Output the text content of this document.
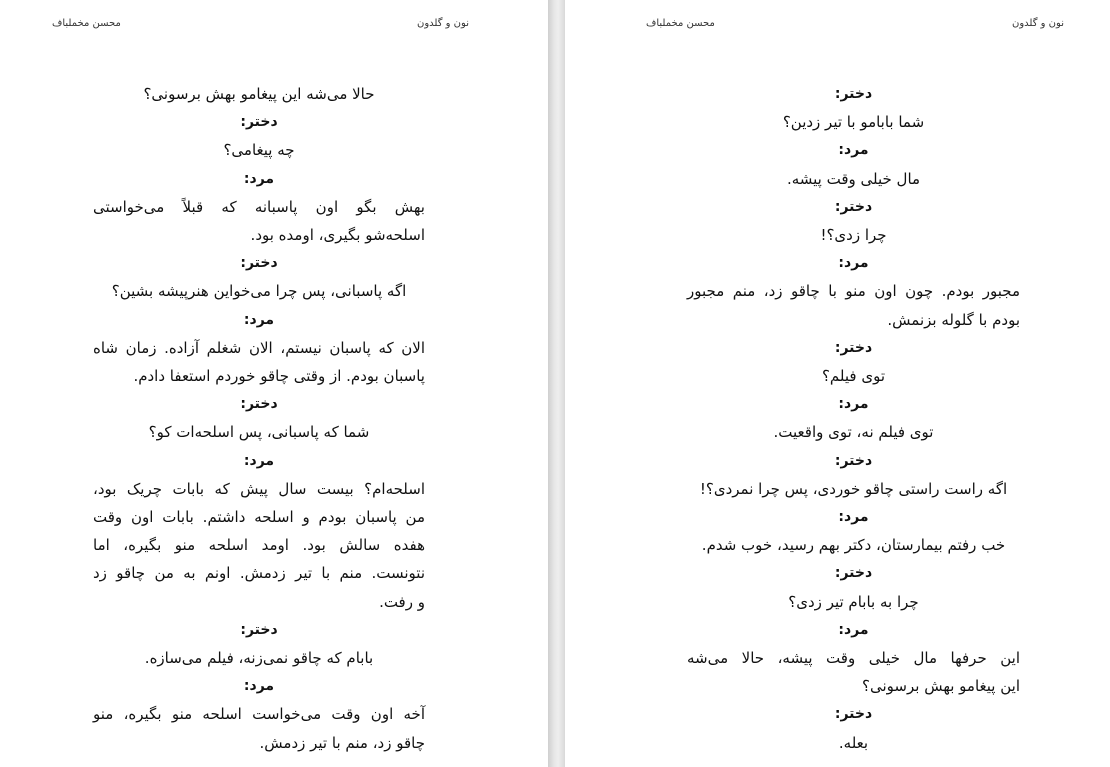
نون و گلدون
محسن مخملباف
حالا می‌شه این پیغامو بهش برسونی؟
دختر:
چه پیغامی؟
مرد:
بهش بگو اون پاسبانه که قبلاً می‌خواستی
اسلحه‌شو بگیری، اومده بود.
دختر:
اگه پاسبانی، پس چرا می‌خواین هنرپیشه بشین؟
مرد:
الان که پاسبان نیستم، الان شغلم آزاده. زمان شاه
پاسبان بودم. از وقتی چاقو خوردم استعفا دادم.
دختر:
شما که پاسبانی، پس اسلحه‌ات کو؟
مرد:
اسلحه‌ام؟ بیست سال پیش که بابات چریک بود،
من پاسبان بودم و اسلحه داشتم. بابات اون وقت
هفده سالش بود. اومد اسلحه منو بگیره، اما
نتونست. منم با تیر زدمش. اونم به من چاقو زد
و رفت.
دختر:
بابام که چاقو نمی‌زنه، فیلم می‌سازه.
مرد:
آخه اون وقت می‌خواست اسلحه منو بگیره، منو
چاقو زد، منم با تیر زدمش.
نون و گلدون
محسن مخملباف
دختر:
شما بابامو با تیر زدین؟
مرد:
مال خیلی وقت پیشه.
دختر:
چرا زدی؟!
مرد:
مجبور بودم. چون اون منو با چاقو زد، منم مجبور
بودم با گلوله بزنمش.
دختر:
توی فیلم؟
مرد:
توی فیلم نه، توی واقعیت.
دختر:
اگه راست راستی چاقو خوردی، پس چرا نمردی؟!
مرد:
خب رفتم بیمارستان، دکتر بهم رسید، خوب شدم.
دختر:
چرا به بابام تیر زدی؟
مرد:
این حرفها مال خیلی وقت پیشه، حالا می‌شه
این پیغامو بهش برسونی؟
دختر:
بعله.
